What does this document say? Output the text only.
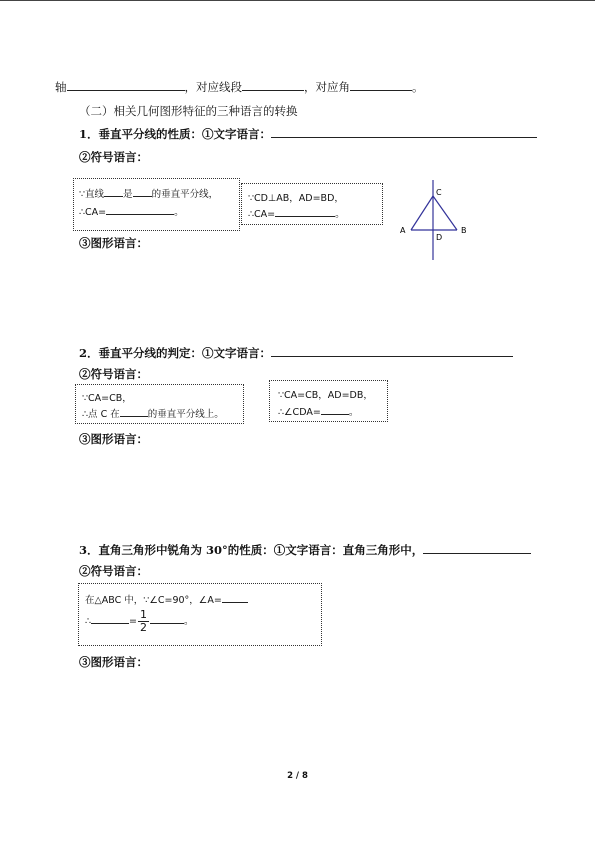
轴	，对应线段	，对应角	。
（二）相关几何图形特征的三种语言的转换
1．垂直平分线的性质：①文字语言：
②符号语言：
∵直线 是 的垂直平分线，
∴CA=	。
∵CD⊥AB，AD=BD，
∴CA=	。
C
A	B
D
③图形语言：
2．垂直平分线的判定：①文字语言：
②符号语言：
∵CA=CB，
∴点 C 在	的垂直平分线上。
∵CA=CB，AD=DB，
∴∠CDA=	。
③图形语言：
3．直角三角形中锐角为 30°的性质：①文字语言：直角三角形中，
②符号语言：
在△ABC 中，∵∠C=90°，∠A=
∴	= $\frac{1}{2}$	。
③图形语言：
2 / 8
